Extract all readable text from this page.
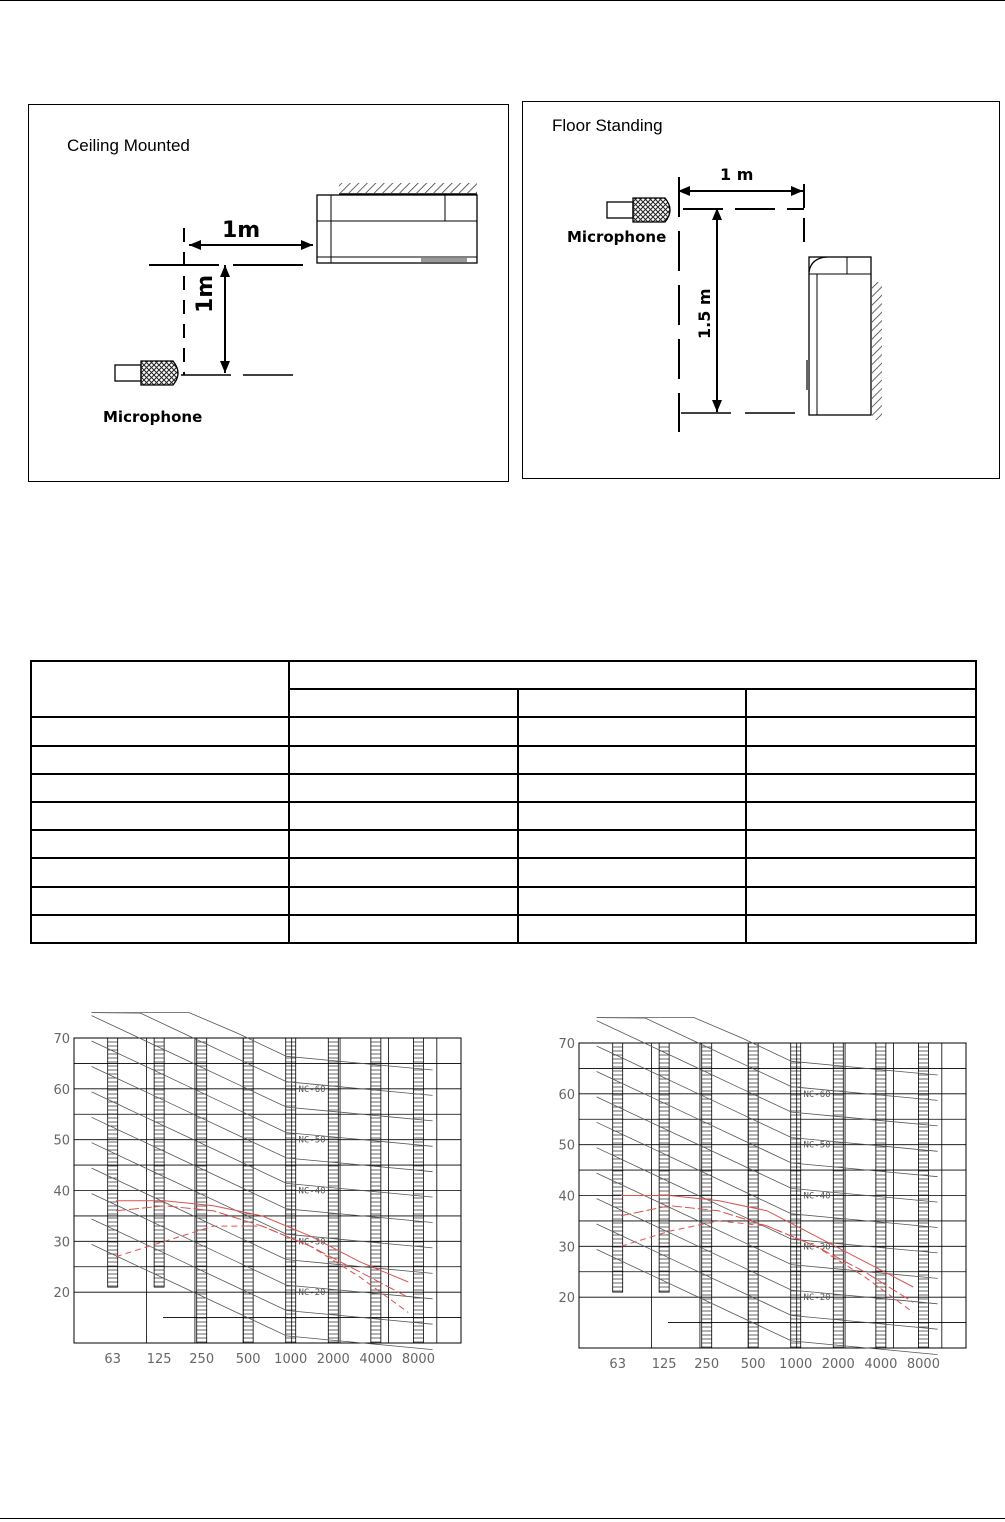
Ceiling Mounted
1m
1m
Microphone
Floor Standing
1 m
1.5 m
Microphone

NC-60
NC-50
NC-40
NC-30
NC-20
70
60
50
40
30
20
63 125 250 500 1000 2000 4000 8000
NC-60
NC-50
NC-40
NC-30
NC-20
70
60
50
40
30
20
63 125 250 500 1000 2000 4000 8000
